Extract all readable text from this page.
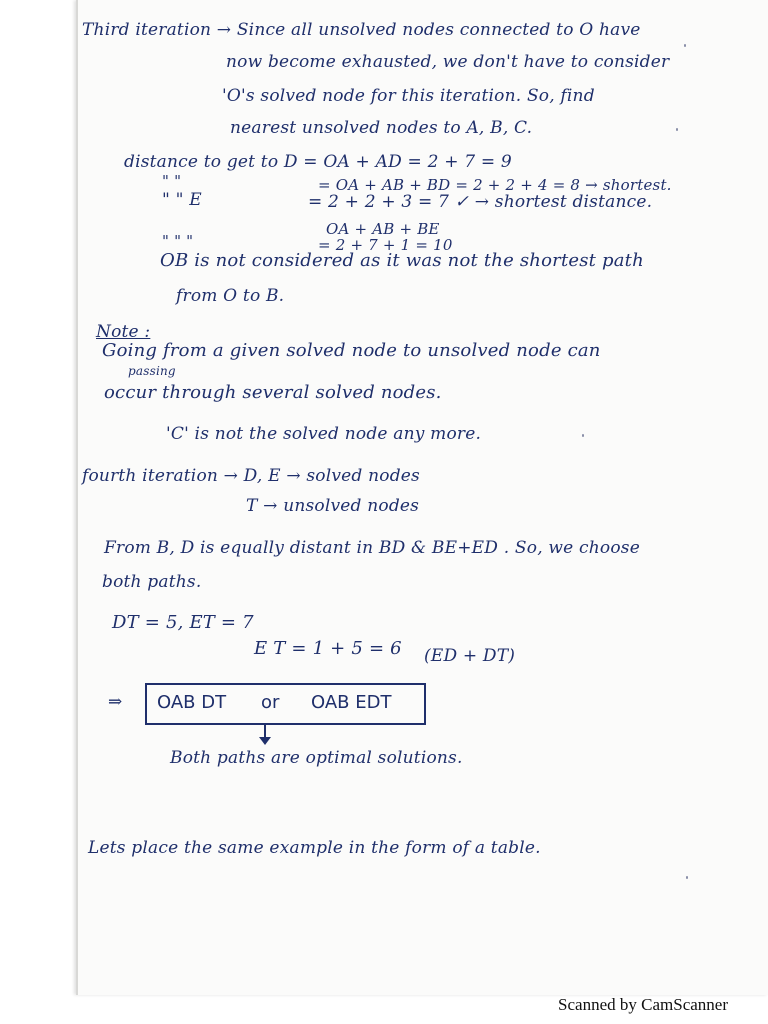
Third iteration → Since all unsolved nodes connected to O have
now become exhausted, we don't have to consider
'O's solved node for this iteration. So, find
nearest unsolved nodes to A, B, C.
distance to get to D = OA + AD = 2 + 7 = 9
" "	= OA + AB + BD = 2 + 2 + 4 = 8 → shortest.
" " E	= 2 + 2 + 3 = 7 ✓ → shortest distance.
OA + AB + BE
" " "	= 2 + 7 + 1 = 10
OB is not considered as it was not the shortest path
from O to B.
Note :
Going from a given solved node to unsolved node can
passing
occur through several solved nodes.
'C' is not the solved node any more.
fourth iteration → D, E → solved nodes
T → unsolved nodes
From B, D is equally distant in BD & BE+ED . So, we choose
both paths.
DT = 5, ET = 7
E T = 1 + 5 = 6 (ED + DT)
⇒ OAB DT or OAB EDT
Both paths are optimal solutions.
Lets place the same example in the form of a table.
Scanned by CamScanner
